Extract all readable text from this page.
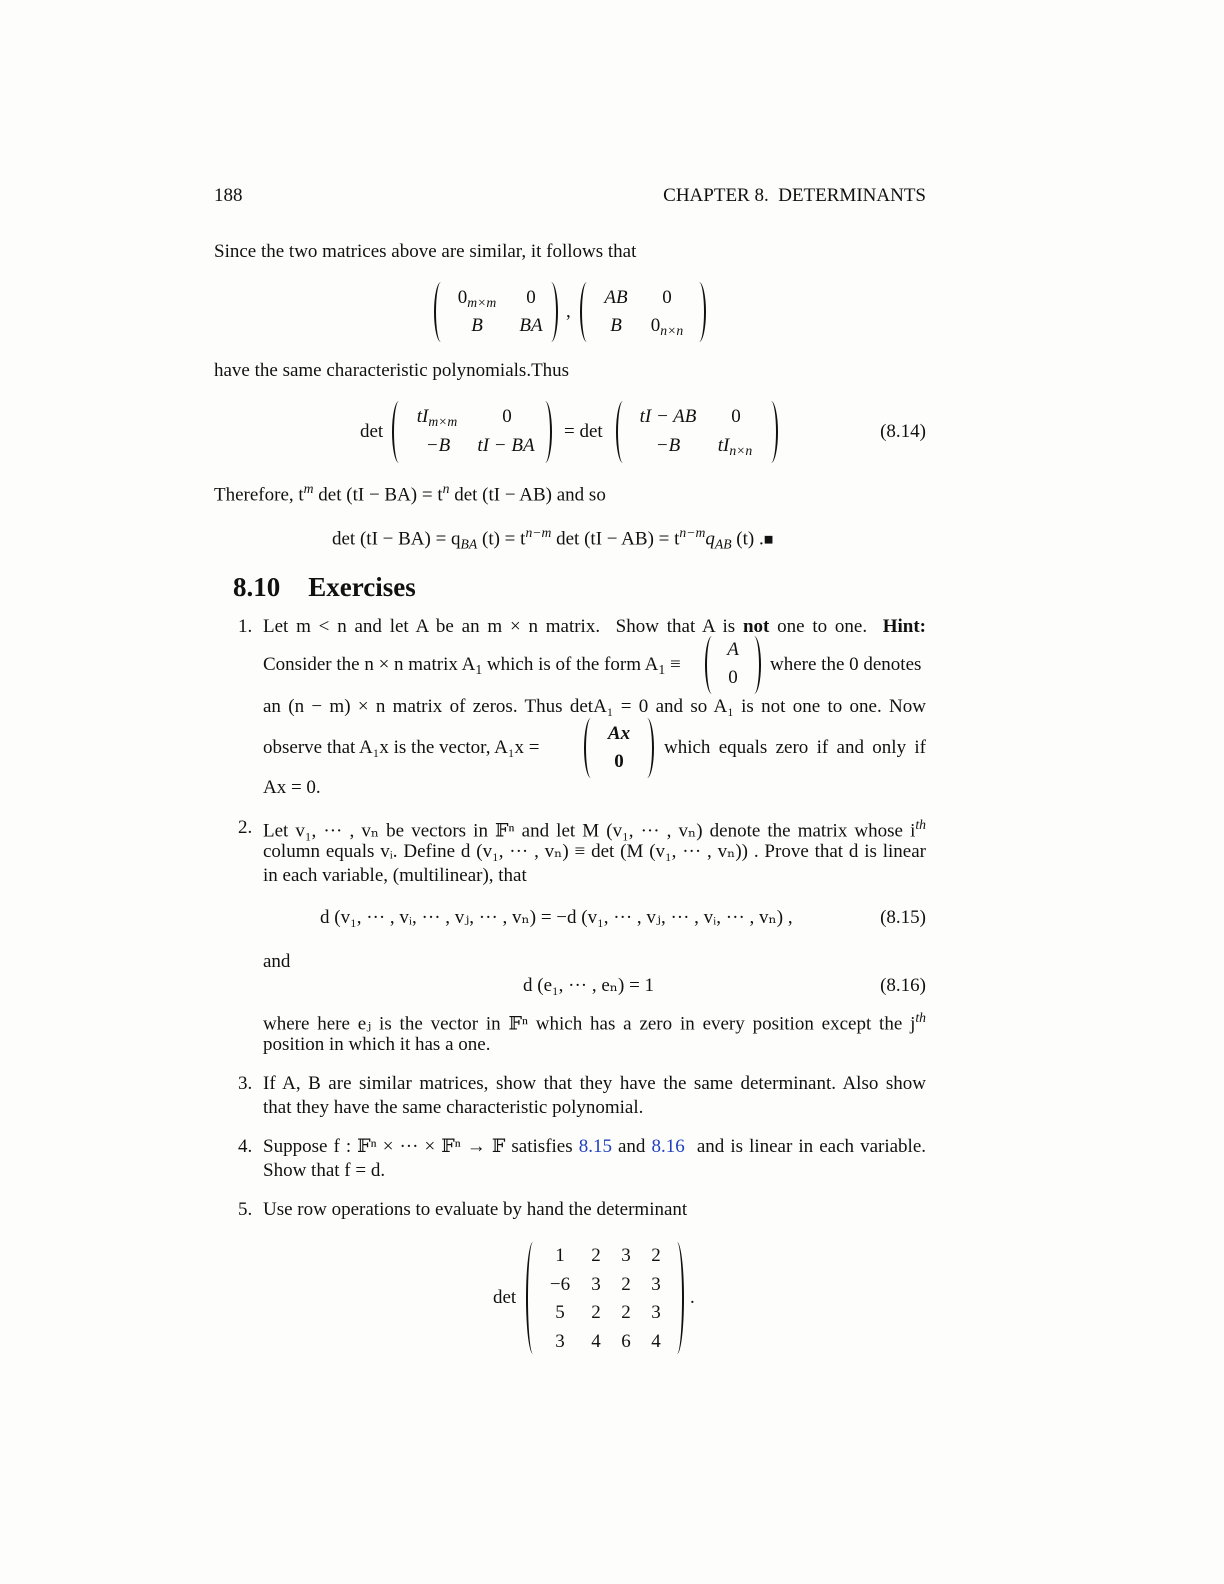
188	CHAPTER 8.  DETERMINANTS
Since the two matrices above are similar, it follows that
$0_{m\times m}$	0
B	BA
,
AB	0
B	$0_{n\times n}$
have the same characteristic polynomials.Thus
det
$tI_{m\times m}$	0
−B	tI − BA
= det
tI − AB	0
−B	$tI_{n\times n}$
(8.14)
Therefore, $t^m$ $\det (tI - BA) = t^n$ det (tI − AB) and so
$\det (tI - BA) = q_{BA}$ $(t) = t^{n-m}$ $\det (tI - AB) = t^{n-m}q_{AB}$ (t) .■
8.10 Exercises
1. Let m < n and let A be an m × n matrix.  Show that A is not one to one.  Hint:
Consider the n × n matrix $A_1$ which is of the form $A_1$ ≡
A
0
where the 0 denotes
an (n − m) × n matrix of zeros. Thus detA₁ = 0 and so A₁ is not one to one. Now
observe that A₁x is the vector, A₁x =
Ax
0
which equals zero if and only if
Ax = 0.
2. Let v₁, ··· , vₙ be vectors in 𝔽ⁿ and let M (v₁, ··· , vₙ) denote the matrix whose $i^{th}$
column equals vᵢ. Define d (v₁, ··· , vₙ) ≡ det (M (v₁, ··· , vₙ)) . Prove that d is linear
in each variable, (multilinear), that
d (v₁, ··· , vᵢ, ··· , vⱼ, ··· , vₙ) = −d (v₁, ··· , vⱼ, ··· , vᵢ, ··· , vₙ) ,	(8.15)
and
d (e₁, ··· , eₙ) = 1	(8.16)
where here eⱼ is the vector in 𝔽ⁿ which has a zero in every position except the $j^{th}$
position in which it has a one.
3. If A, B are similar matrices, show that they have the same determinant. Also show
that they have the same characteristic polynomial.
4. Suppose f : 𝔽ⁿ × ··· × 𝔽ⁿ → 𝔽 satisfies 8.15 and 8.16  and is linear in each variable.
Show that f = d.
5. Use row operations to evaluate by hand the determinant
det
1	2	3	2
−6	3	2	3
5	2	2	3
3	4	6	4
.
